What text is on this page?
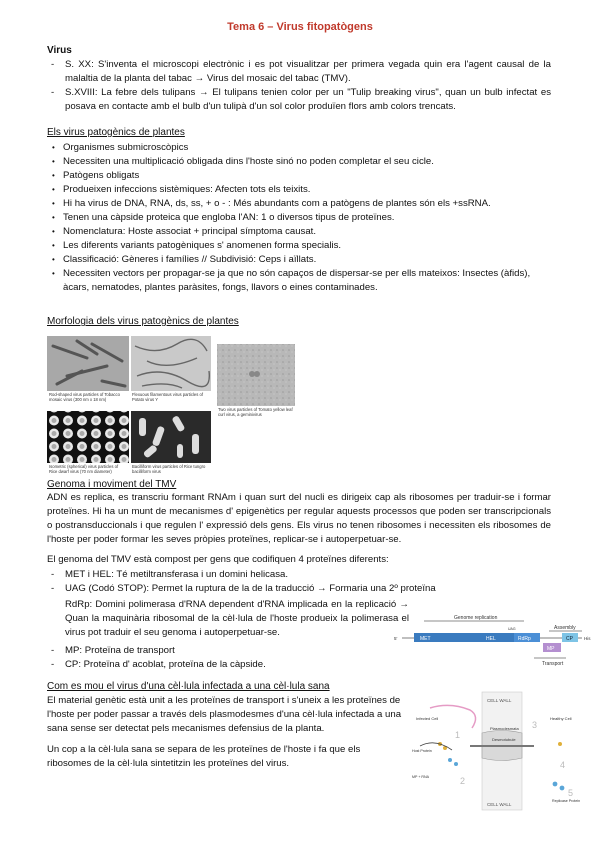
Tema 6 – Virus fitopatògens
Virus
- S. XX: S'inventa el microscopi electrònic i es pot visualitzar per primera vegada quin era l'agent causal de la malaltia de la planta del tabac → Virus del mosaic del tabac (TMV).
- S.XVIII: La febre dels tulipans → El tulipans tenien color per un "Tulip breaking virus", quan un bulb infectat es posava en contacte amb el bulb d'un tulipà d'un sol color produïen flors amb colors trencats.
Els virus patogènics de plantes
• Organismes submicroscòpics
• Necessiten una multiplicació obligada dins l'hoste sinó no poden completar el seu cicle.
• Patògens obligats
• Produeixen infeccions sistèmiques: Afecten tots els teixits.
• Hi ha virus de DNA, RNA, ds, ss, + o - : Més abundants com a patògens de plantes són els +ssRNA.
• Tenen una càpside proteica que engloba l'AN: 1 o diversos tipus de proteïnes.
• Nomenclatura: Hoste associat + principal símptoma causat.
• Les diferents variants patogèniques s' anomenen forma specialis.
• Classificació: Gèneres i famílies // Subdivisió: Ceps i aïllats.
• Necessiten vectors per propagar-se ja que no són capaços de dispersar-se per ells mateixos: Insectes (àfids), àcars, nematodes, plantes paràsites, fongs, llavors o eines contaminades.
Morfologia dels virus patogènics de plantes
Rod-shaped virus particles of Tobacco mosaic virus (300 nm x 18 nm)
Flexuous filamentous virus particles of Potato virus Y
Two virus particles of Tomato yellow leaf curl virus, a geminivirus
Isometric (spherical) virus particles of Rice dwarf virus (70 nm diameter)
Bacilliform virus particles of Rice tungro bacilliform virus
Genoma i moviment del TMV
ADN es replica, es transcriu formant RNAm i quan surt del nucli es dirigeix cap als ribosomes per traduir-se i formar proteïnes. Hi ha un munt de mecanismes d' epigenètics per regular aquests processos que poden ser transcripcionals o postransduccionals i que regulen l' expressió dels gens. Els virus no tenen ribosomes i necessiten els ribosomes de l'hoste per poder formar les seves pròpies proteïnes, replicar-se i autoperpetuar-se.
El genoma del TMV està compost per gens que codifiquen 4 proteïnes diferents:
- MET i HEL: Té metiltransferasa i un domini helicasa.
- UAG (Codó STOP): Permet la ruptura de la de la traducció → Formaria una 2º proteïna
RdRp: Domini polimerasa d'RNA dependent d'RNA implicada en la replicació → Quan la maquinària ribosomal de la cèl·lula de l'hoste produeix la polimerasa el virus pot traduir el seu genoma i autoperpetuar-se.
- MP: Proteïna de transport
- CP: Proteïna d' acoblat, proteïna de la càpside.
Genome replication
Assembly
UAG
5'	His
MET	HEL	RdRp
MP
CP
Transport
Com es mou el virus d'una cèl·lula infectada a una cèl·lula sana
El material genètic està unit a les proteïnes de transport i s'uneix a les proteïnes de l'hoste per poder passar a través dels plasmodesmes d'una cèl·lula infectada a una sana sense ser detectat pels mecanismes defensius de la planta.
Un cop a la cèl·lula sana se separa de les proteïnes de l'hoste i fa que els ribosomes de la cèl·lula sintetitzin les proteïnes del virus.
CELL WALL
CELL WALL
Infected Cell	Healthy Cell
Plasmodesmata
Desmotubule
Host Protein
MP + RNA
Replicase Protein
1
2
3
4
5
